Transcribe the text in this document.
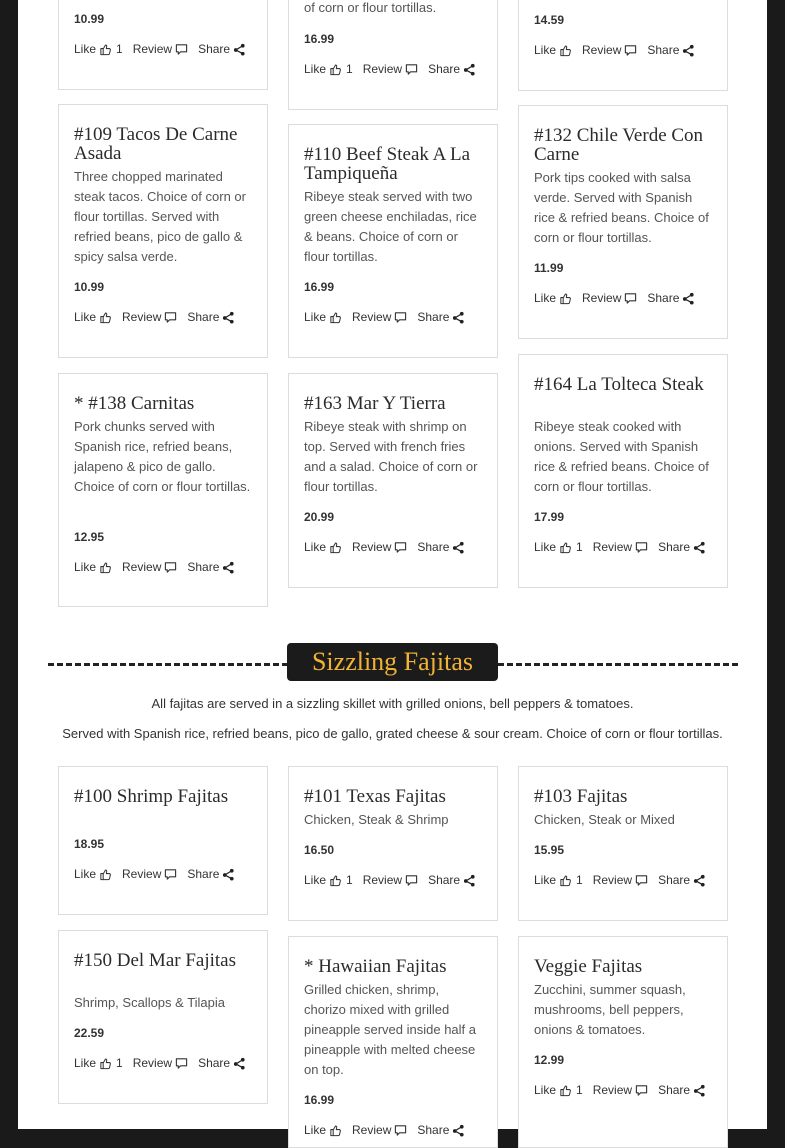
10.99
Like 1 Review Share
of corn or flour tortillas.
16.99
Like 1 Review Share
14.59
Like Review Share
#109 Tacos De Carne Asada
Three chopped marinated steak tacos. Choice of corn or flour tortillas. Served with refried beans, pico de gallo & spicy salsa verde.
10.99
Like Review Share
#110 Beef Steak A La Tampiqueña
Ribeye steak served with two green cheese enchiladas, rice & beans. Choice of corn or flour tortillas.
16.99
Like Review Share
#132 Chile Verde Con Carne
Pork tips cooked with salsa verde. Served with Spanish rice & refried beans. Choice of corn or flour tortillas.
11.99
Like Review Share
* #138 Carnitas
Pork chunks served with Spanish rice, refried beans, jalapeno & pico de gallo. Choice of corn or flour tortillas.
12.95
Like Review Share
#163 Mar Y Tierra
Ribeye steak with shrimp on top. Served with french fries and a salad. Choice of corn or flour tortillas.
20.99
Like Review Share
#164 La Tolteca Steak
Ribeye steak cooked with onions. Served with Spanish rice & refried beans. Choice of corn or flour tortillas.
17.99
Like 1 Review Share
Sizzling Fajitas
All fajitas are served in a sizzling skillet with grilled onions, bell peppers & tomatoes.
Served with Spanish rice, refried beans, pico de gallo, grated cheese & sour cream. Choice of corn or flour tortillas.
#100 Shrimp Fajitas
18.95
Like Review Share
#101 Texas Fajitas
Chicken, Steak & Shrimp
16.50
Like 1 Review Share
#103 Fajitas
Chicken, Steak or Mixed
15.95
Like 1 Review Share
#150 Del Mar Fajitas
Shrimp, Scallops & Tilapia
22.59
Like 1 Review Share
* Hawaiian Fajitas
Grilled chicken, shrimp, chorizo mixed with grilled pineapple served inside half a pineapple with melted cheese on top.
16.99
Like Review Share
Veggie Fajitas
Zucchini, summer squash, mushrooms, bell peppers, onions & tomatoes.
12.99
Like 1 Review Share
